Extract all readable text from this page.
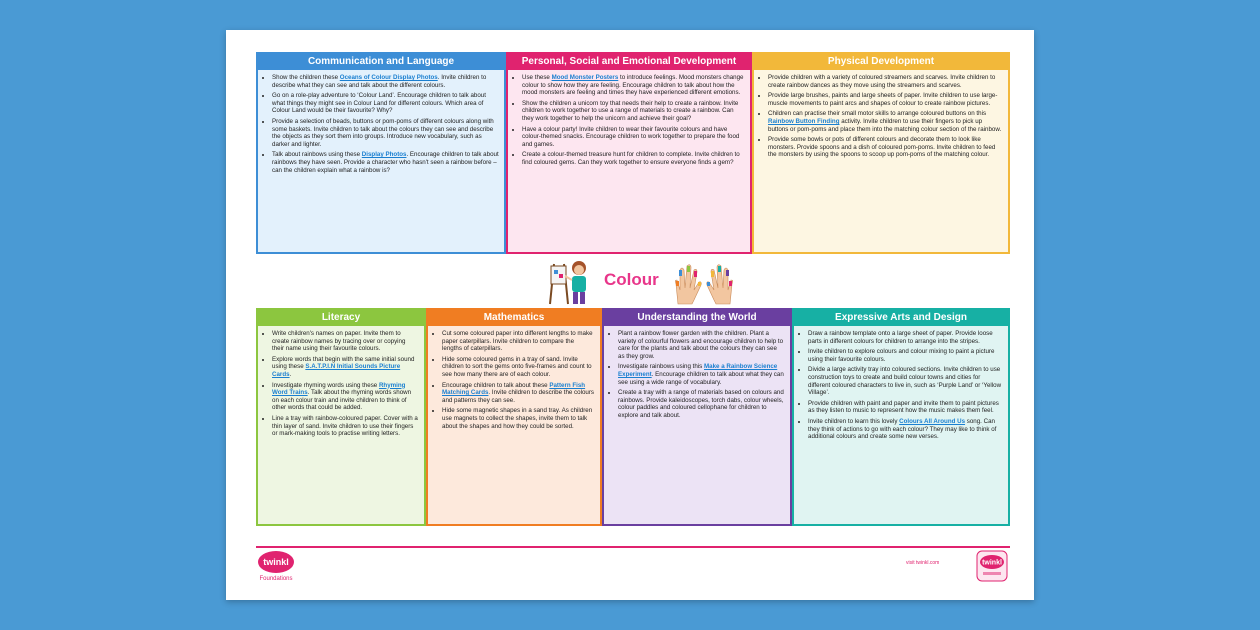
Communication and Language
• Show the children these Oceans of Colour Display Photos. Invite children to describe what they can see and talk about the different colours.
• Go on a role-play adventure to ‘Colour Land’. Encourage children to talk about what things they might see in Colour Land for different colours. Which area of Colour Land would be their favourite? Why?
• Provide a selection of beads, buttons or pom-poms of different colours along with some baskets. Invite children to talk about the colours they can see and describe the objects as they sort them into groups. Introduce new vocabulary, such as darker and lighter.
• Talk about rainbows using these Display Photos. Encourage children to talk about rainbows they have seen. Provide a character who hasn't seen a rainbow before – can the children explain what a rainbow is?
Personal, Social and Emotional Development
• Use these Mood Monster Posters to introduce feelings. Mood monsters change colour to show how they are feeling. Encourage children to talk about how the mood monsters are feeling and times they have experienced different emotions.
• Show the children a unicorn toy that needs their help to create a rainbow. Invite children to work together to use a range of materials to create a rainbow. Can they work together to help the unicorn and achieve their goal?
• Have a colour party! Invite children to wear their favourite colours and have colour-themed snacks. Encourage children to work together to prepare the food and games.
• Create a colour-themed treasure hunt for children to complete. Invite children to find coloured gems. Can they work together to ensure everyone finds a gem?
Physical Development
• Provide children with a variety of coloured streamers and scarves. Invite children to create rainbow dances as they move using the streamers and scarves.
• Provide large brushes, paints and large sheets of paper. Invite children to use large-muscle movements to paint arcs and shapes of colour to create rainbow pictures.
• Children can practise their small motor skills to arrange coloured buttons on this Rainbow Button Finding activity. Invite children to use their fingers to pick up buttons or pom-poms and place them into the matching colour section of the rainbow.
• Provide some bowls or pots of different colours and decorate them to look like monsters. Provide spoons and a dish of coloured pom-poms. Invite children to feed the monsters by using the spoons to scoop up pom-poms of the matching colour.
Colour
Literacy
• Write children's names on paper. Invite them to create rainbow names by tracing over or copying their name using their favourite colours.
• Explore words that begin with the same initial sound using these S.A.T.P.I.N Initial Sounds Picture Cards.
• Investigate rhyming words using these Rhyming Word Trains. Talk about the rhyming words shown on each colour train and invite children to think of other words that could be added.
• Line a tray with rainbow-coloured paper. Cover with a thin layer of sand. Invite children to use their fingers or mark-making tools to practise writing letters.
Mathematics
• Cut some coloured paper into different lengths to make paper caterpillars. Invite children to compare the lengths of caterpillars.
• Hide some coloured gems in a tray of sand. Invite children to sort the gems onto five-frames and count to see how many there are of each colour.
• Encourage children to talk about these Pattern Fish Matching Cards. Invite children to describe the colours and patterns they can see.
• Hide some magnetic shapes in a sand tray. As children use magnets to collect the shapes, invite them to talk about the shapes and how they could be sorted.
Understanding the World
• Plant a rainbow flower garden with the children. Plant a variety of colourful flowers and encourage children to help to care for the plants and talk about the colours they can see as they grow.
• Investigate rainbows using this Make a Rainbow Science Experiment. Encourage children to talk about what they can see using a wide range of vocabulary.
• Create a tray with a range of materials based on colours and rainbows. Provide kaleidoscopes, torch dabs, colour wheels, colour paddles and coloured cellophane for children to explore and talk about.
Expressive Arts and Design
• Draw a rainbow template onto a large sheet of paper. Provide loose parts in different colours for children to arrange into the stripes.
• Invite children to explore colours and colour mixing to paint a picture using their favourite colours.
• Divide a large activity tray into coloured sections. Invite children to use construction toys to create and build colour towns and cities for different coloured characters to live in, such as ‘Purple Land’ or ‘Yellow Village’.
• Provide children with paint and paper and invite them to paint pictures as they listen to music to represent how the music makes them feel.
• Invite children to learn this lovely Colours All Around Us song. Can they think of actions to go with each colour? They may like to think of additional colours and create some new verses.
twinkl
Foundations
visit twinkl.com	twinkl
